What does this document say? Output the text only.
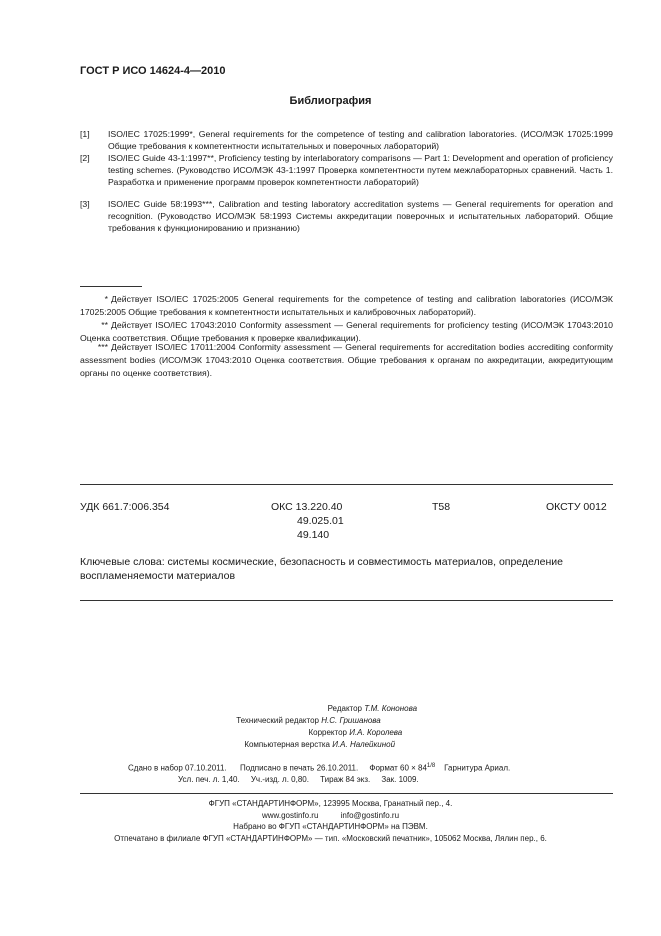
ГОСТ Р ИСО 14624-4—2010
Библиография
[1] ISO/IEC 17025:1999*, General requirements for the competence of testing and calibration laboratories. (ИСО/МЭК 17025:1999 Общие требования к компетентности испытательных и поверочных лабораторий)
[2] ISO/IEC Guide 43-1:1997**, Proficiency testing by interlaboratory comparisons — Part 1: Development and operation of proficiency testing schemes. (Руководство ИСО/МЭК 43-1:1997 Проверка компетентности путем межлабораторных сравнений. Часть 1. Разработка и применение программ проверок компетентности лабораторий)
[3] ISO/IEC Guide 58:1993***, Calibration and testing laboratory accreditation systems — General requirements for operation and recognition. (Руководство ИСО/МЭК 58:1993 Системы аккредитации поверочных и испытательных лабораторий. Общие требования к функционированию и признанию)
* Действует ISO/IEC 17025:2005 General requirements for the competence of testing and calibration laboratories (ИСО/МЭК 17025:2005 Общие требования к компетентности испытательных и калибровочных лабораторий).
** Действует ISO/IEC 17043:2010 Conformity assessment — General requirements for proficiency testing (ИСО/МЭК 17043:2010 Оценка соответствия. Общие требования к проверке квалификации).
*** Действует ISO/IEC 17011:2004 Conformity assessment — General requirements for accreditation bodies accrediting conformity assessment bodies (ИСО/МЭК 17043:2010 Оценка соответствия. Общие требования к органам по аккредитации, аккредитующим органы по оценке соответствия).
УДК 661.7:006.354	ОКС 13.220.40
49.025.01
49.140
Т58	ОКСТУ 0012
Ключевые слова: системы космические, безопасность и совместимость материалов, определение воспламеняемости материалов
Редактор Т.М. Кононова
Технический редактор Н.С. Гришанова
Корректор И.А. Королева
Компьютерная верстка И.А. Налейкиной
Сдано в набор 07.10.2011. Подписано в печать 26.10.2011. Формат $60 \times 84^{1/8}$ Гарнитура Ариал.
Усл. печ. л. 1,40. Уч.-изд. л. 0,80. Тираж 84 экз. Зак. 1009.
ФГУП «СТАНДАРТИНФОРМ», 123995 Москва, Гранатный пер., 4.
www.gostinfo.ru          info@gostinfo.ru
Набрано во ФГУП «СТАНДАРТИНФОРМ» на ПЭВМ.
Отпечатано в филиале ФГУП «СТАНДАРТИНФОРМ» — тип. «Московский печатник», 105062 Москва, Лялин пер., 6.
